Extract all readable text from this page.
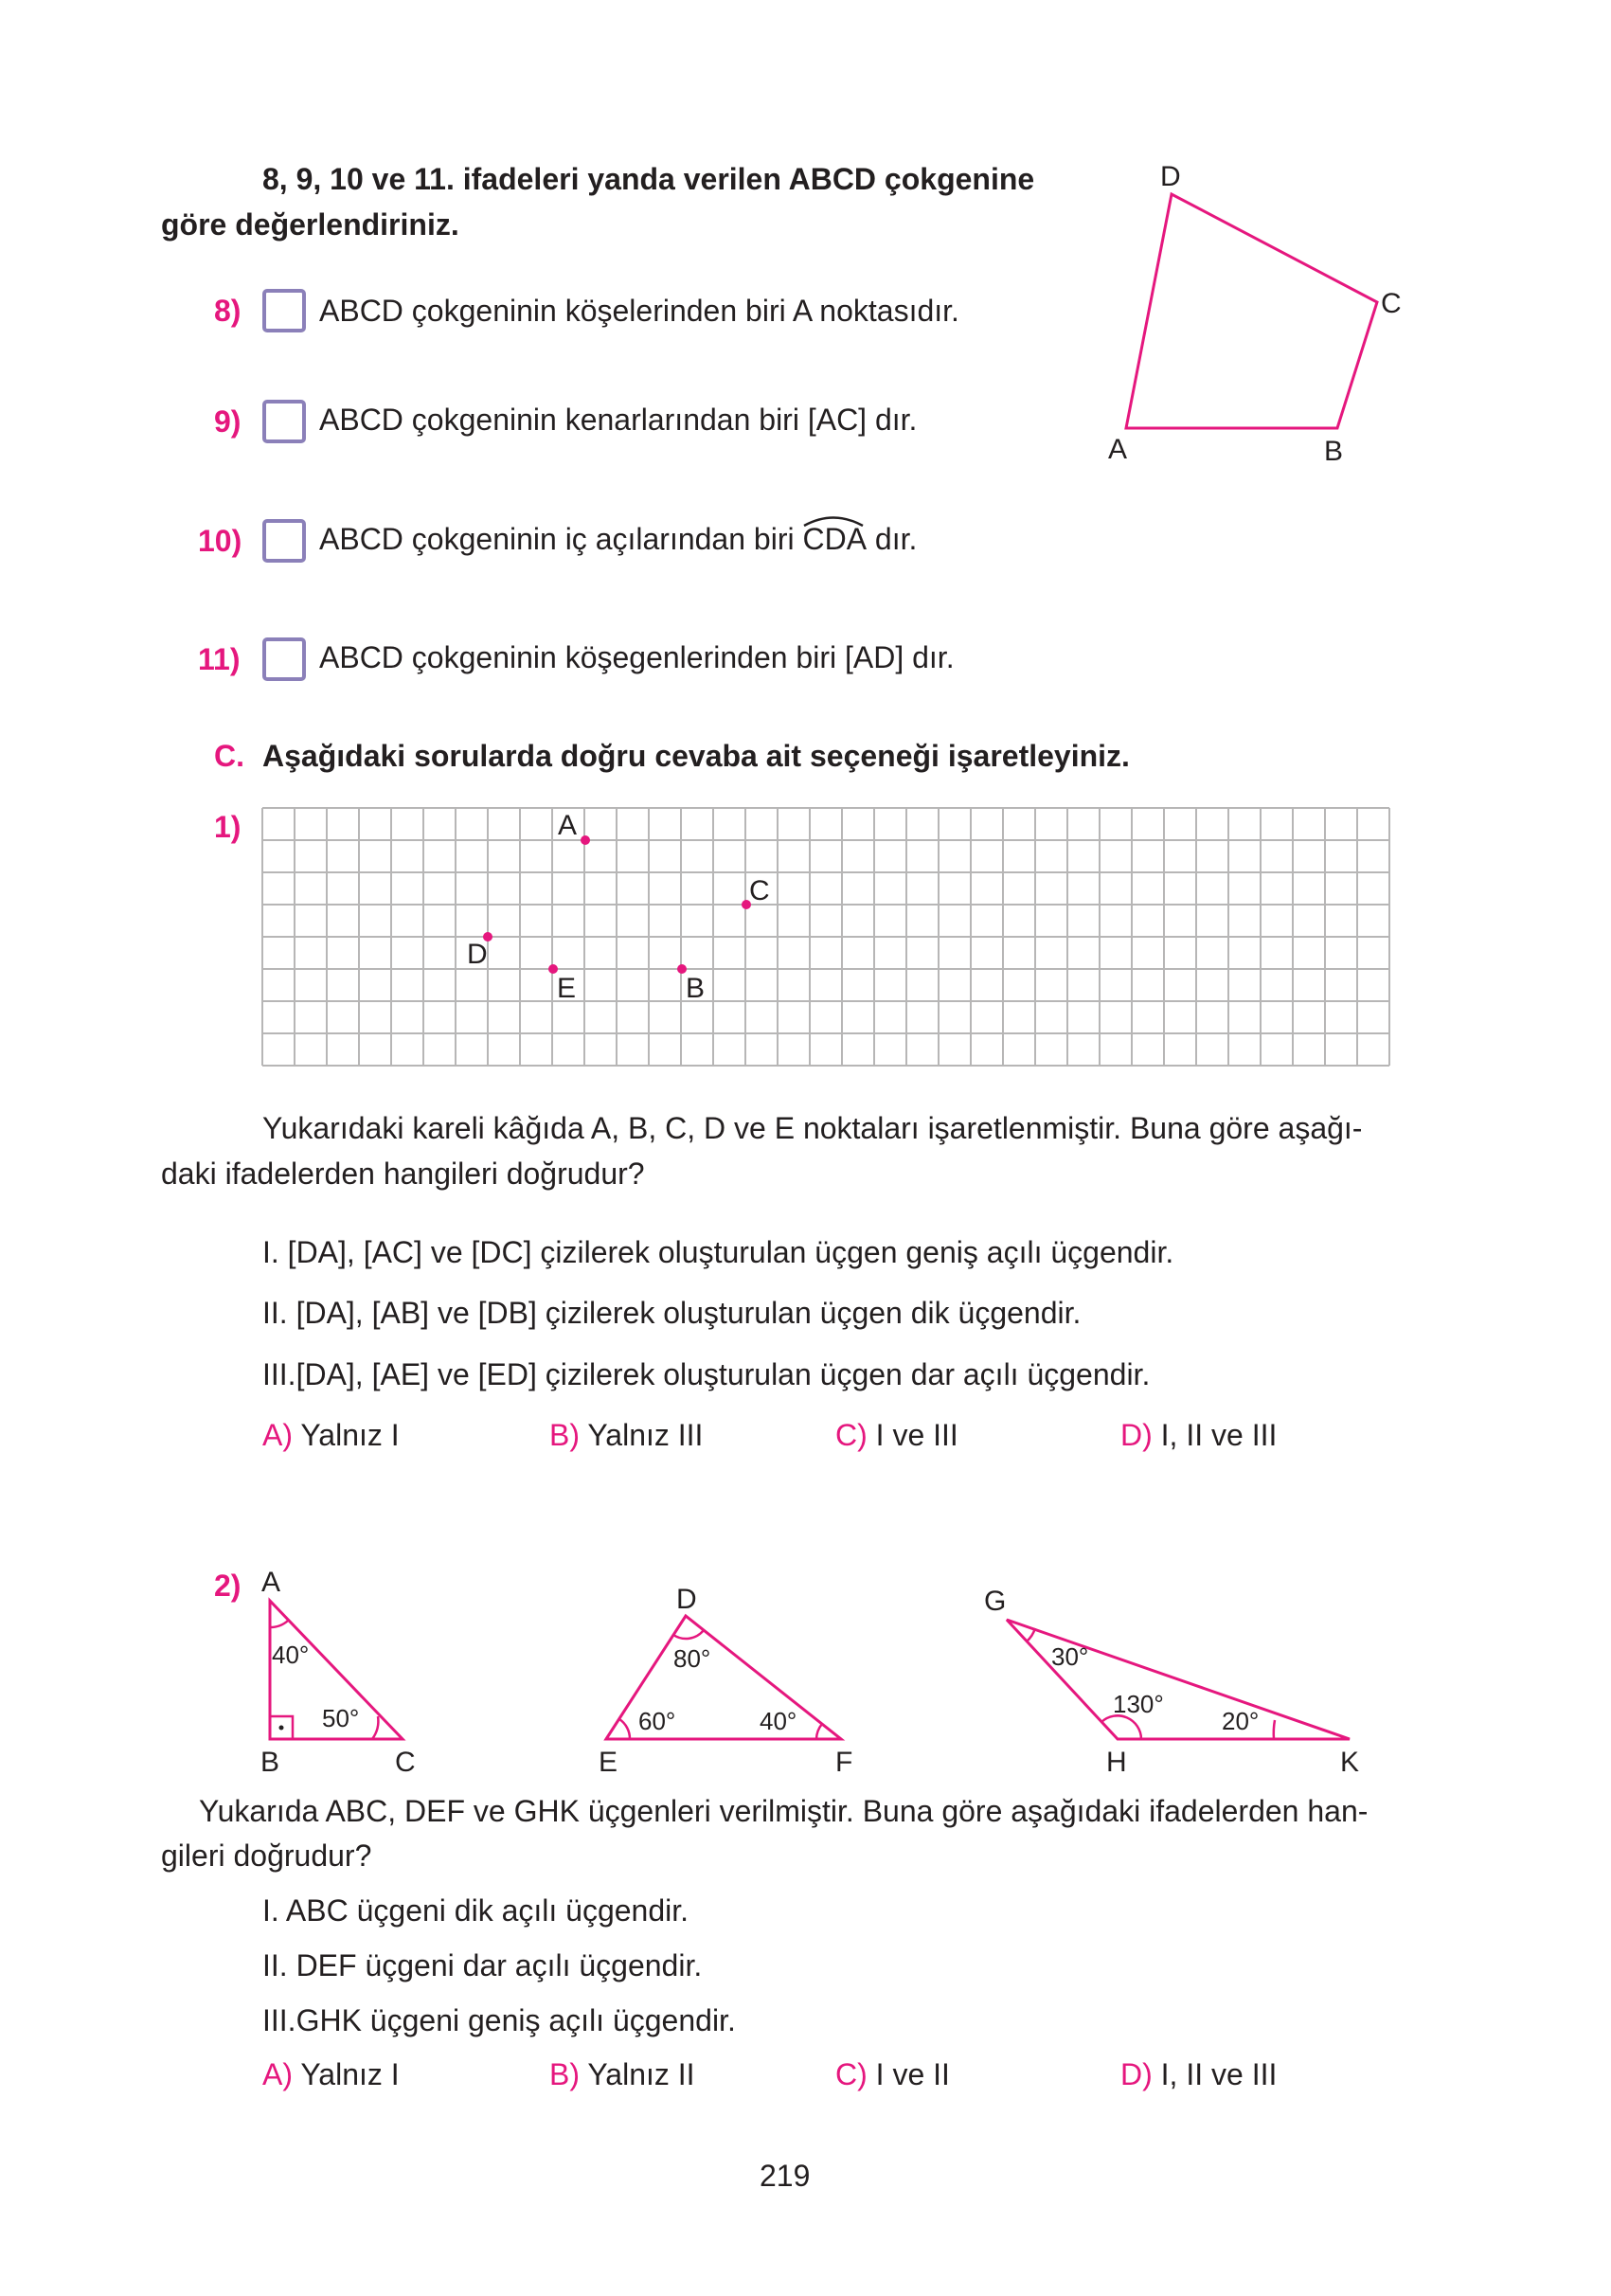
8, 9, 10 ve 11. ifadeleri yanda verilen ABCD çokgenine
göre değerlendiriniz.
D
C
A	B
8)	ABCD çokgeninin köşelerinden biri A noktasıdır.
9)	ABCD çokgeninin kenarlarından biri [AC] dır.
10)	ABCD çokgeninin iç açılarından biri
CDA dır.
11)	ABCD çokgeninin köşegenlerinden biri [AD] dır.
C. Aşağıdaki sorularda doğru cevaba ait seçeneği işaretleyiniz.
1)	A
C
D
E	B
Yukarıdaki kareli kâğıda A, B, C, D ve E noktaları işaretlenmiştir. Buna göre aşağı-
daki ifadelerden hangileri doğrudur?
I. [DA], [AC] ve [DC] çizilerek oluşturulan üçgen geniş açılı üçgendir.
II. [DA], [AB] ve [DB] çizilerek oluşturulan üçgen dik üçgendir.
III.[DA], [AE] ve [ED] çizilerek oluşturulan üçgen dar açılı üçgendir.
A) Yalnız I	B) Yalnız III	C) I ve III	D) I, II ve III
2) A
B	C
40°
50°
D
E	F
80°
60°	40°
G
H	K
30°
130°
20°
Yukarıda ABC, DEF ve GHK üçgenleri verilmiştir. Buna göre aşağıdaki ifadelerden han-
gileri doğrudur?
I. ABC üçgeni dik açılı üçgendir.
II. DEF üçgeni dar açılı üçgendir.
III.GHK üçgeni geniş açılı üçgendir.
A) Yalnız I	B) Yalnız II	C) I ve II	D) I, II ve III
219
